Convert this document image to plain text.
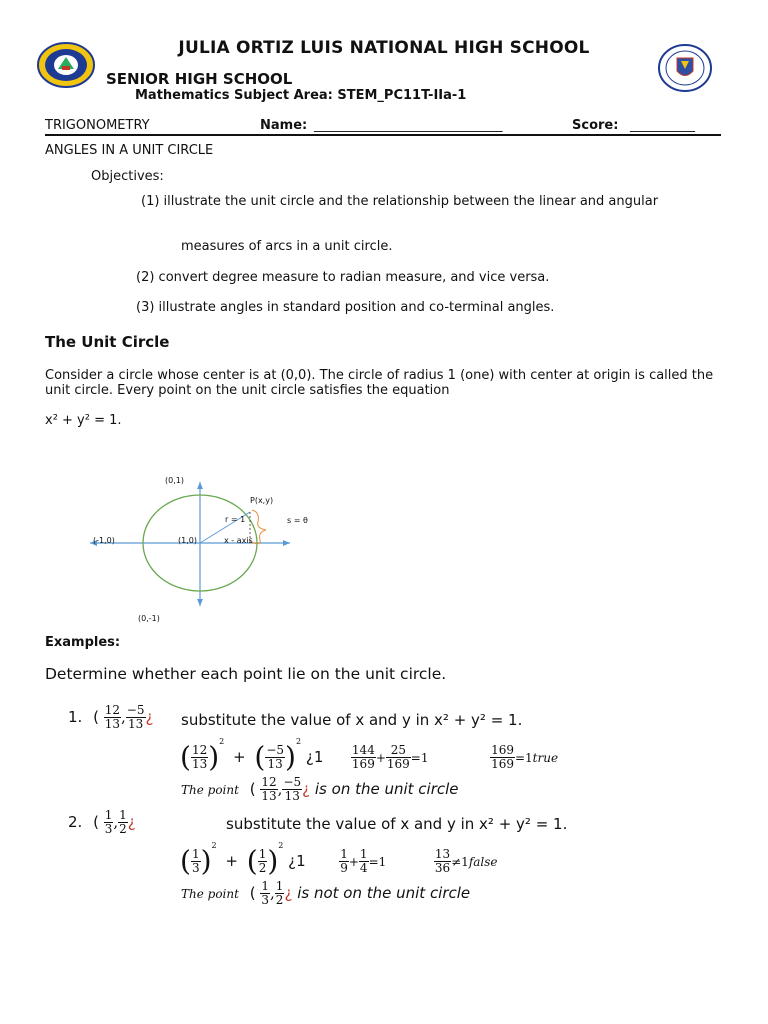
JULIA ORTIZ LUIS NATIONAL HIGH SCHOOL
SENIOR HIGH SCHOOL
Mathematics Subject Area: STEM_PC11T-IIa-1
TRIGONOMETRY	Name: _____________________________	Score: __________
ANGLES IN A UNIT CIRCLE
Objectives:
(1) illustrate the unit circle and the relationship between the linear and angular
measures of arcs in a unit circle.
(2) convert degree measure to radian measure, and vice versa.
(3) illustrate angles in standard position and co-terminal angles.
The Unit Circle
Consider a circle whose center is at (0,0). The circle of radius 1 (one) with center at origin is called the unit circle. Every point on the unit circle satisfies the equation
x² + y² = 1.
(0,1)
(0,-1)
(-1,0)	(1,0)
P(x,y)
r = 1	s = θ
x - axis
Examples:
Determine whether each point lie on the unit circle.
1. ( $\frac{12}{13}$ , $\frac{-5}{13}$ ¿ substitute the value of x and y in x² + y² = 1.
( $\frac{12}{13} )^2$ + ( $\frac{-5}{13} )^2$ ¿$1 \frac{144}{169} + \frac{25}{169} =1$	$\frac{169}{169}$ =1true
The point ( $\frac{12}{13}$ , $\frac{-5}{13}$ ¿ is on the unit circle
2. ( $\frac{1}{3}$ , $\frac{1}{2}$ ¿	substitute the value of x and y in x² + y² = 1.
( $\frac{1}{3} )^2$ + ( $\frac{1}{2} )^2$ ¿1	$\frac{1}{9} + \frac{1}{4} =1$	$\frac{13}{36}$ ≠1false
The point ( $\frac{1}{3}$ , $\frac{1}{2}$ ¿ is not on the unit circle
